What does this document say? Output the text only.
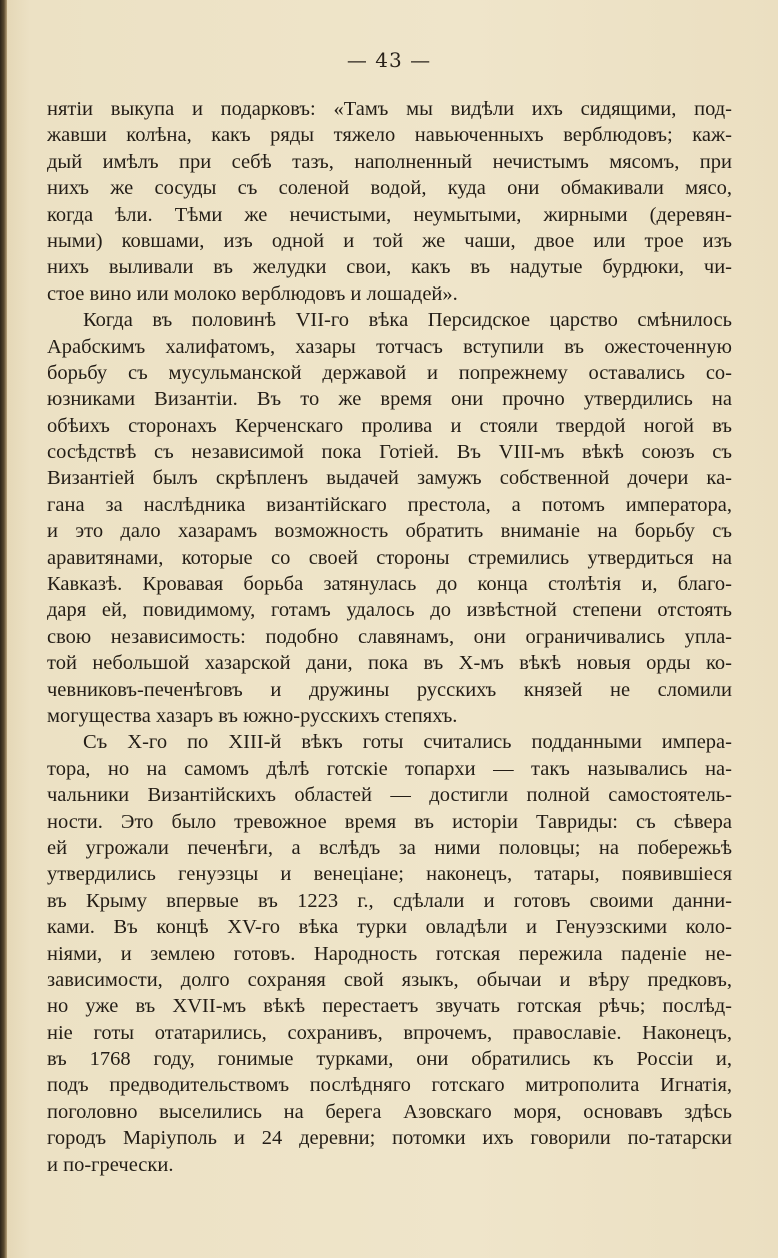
— 43 —
нятiи выкупа и подарковъ: «Тамъ мы видѣли ихъ сидящими, под-
жавши колѣна, какъ ряды тяжело навьюченныхъ верблюдовъ; каж-
дый имѣлъ при себѣ тазъ, наполненный нечистымъ мясомъ, при
нихъ же сосуды съ соленой водой, куда они обмакивали мясо,
когда ѣли. Тѣми же нечистыми, неумытыми, жирными (деревян-
ными) ковшами, изъ одной и той же чаши, двое или трое изъ
нихъ выливали въ желудки свои, какъ въ надутые бурдюки, чи-
стое вино или молоко верблюдовъ и лошадей».
Когда въ половинѣ VII-го вѣка Персидское царство смѣнилось
Арабскимъ халифатомъ, хазары тотчасъ вступили въ ожесточенную
борьбу съ мусульманской державой и попрежнему оставались со-
юзниками Византiи. Въ то же время они прочно утвердились на
обѣихъ сторонахъ Керченскаго пролива и стояли твердой ногой въ
сосѣдствѣ съ независимой пока Готiей. Въ VIII-мъ вѣкѣ союзъ съ
Византiей былъ скрѣпленъ выдачей замужъ собственной дочери ка-
гана за наслѣдника византiйскаго престола, а потомъ императора,
и это дало хазарамъ возможность обратить вниманiе на борьбу съ
аравитянами, которые со своей стороны стремились утвердиться на
Кавказѣ. Кровавая борьба затянулась до конца столѣтiя и, благо-
даря ей, повидимому, готамъ удалось до извѣстной степени отстоять
свою независимость: подобно славянамъ, они ограничивались упла-
той небольшой хазарской дани, пока въ X-мъ вѣкѣ новыя орды ко-
чевниковъ-печенѣговъ и дружины русскихъ князей не сломили
могущества хазаръ въ южно-русскихъ степяхъ.
Съ X-го по XIII-й вѣкъ готы считались подданными импера-
тора, но на самомъ дѣлѣ готскiе топархи — такъ назывались на-
чальники Византiйскихъ областей — достигли полной самостоятель-
ности. Это было тревожное время въ исторiи Тавриды: съ сѣвера
ей угрожали печенѣги, а вслѣдъ за ними половцы; на побережьѣ
утвердились генуэзцы и венецiане; наконецъ, татары, появившiеся
въ Крыму впервые въ 1223 г., сдѣлали и готовъ своими данни-
ками. Въ концѣ XV-го вѣка турки овладѣли и Генуэзскими коло-
нiями, и землею готовъ. Народность готская пережила паденiе не-
зависимости, долго сохраняя свой языкъ, обычаи и вѣру предковъ,
но уже въ XVII-мъ вѣкѣ перестаетъ звучать готская рѣчь; послѣд-
нiе готы отатарились, сохранивъ, впрочемъ, православiе. Наконецъ,
въ 1768 году, гонимые турками, они обратились къ Россiи и,
подъ предводительствомъ послѣдняго готскаго митрополита Игнатiя,
поголовно выселились на берега Азовскаго моря, основавъ здѣсь
городъ Марiуполь и 24 деревни; потомки ихъ говорили по-татарски
и по-гречески.
